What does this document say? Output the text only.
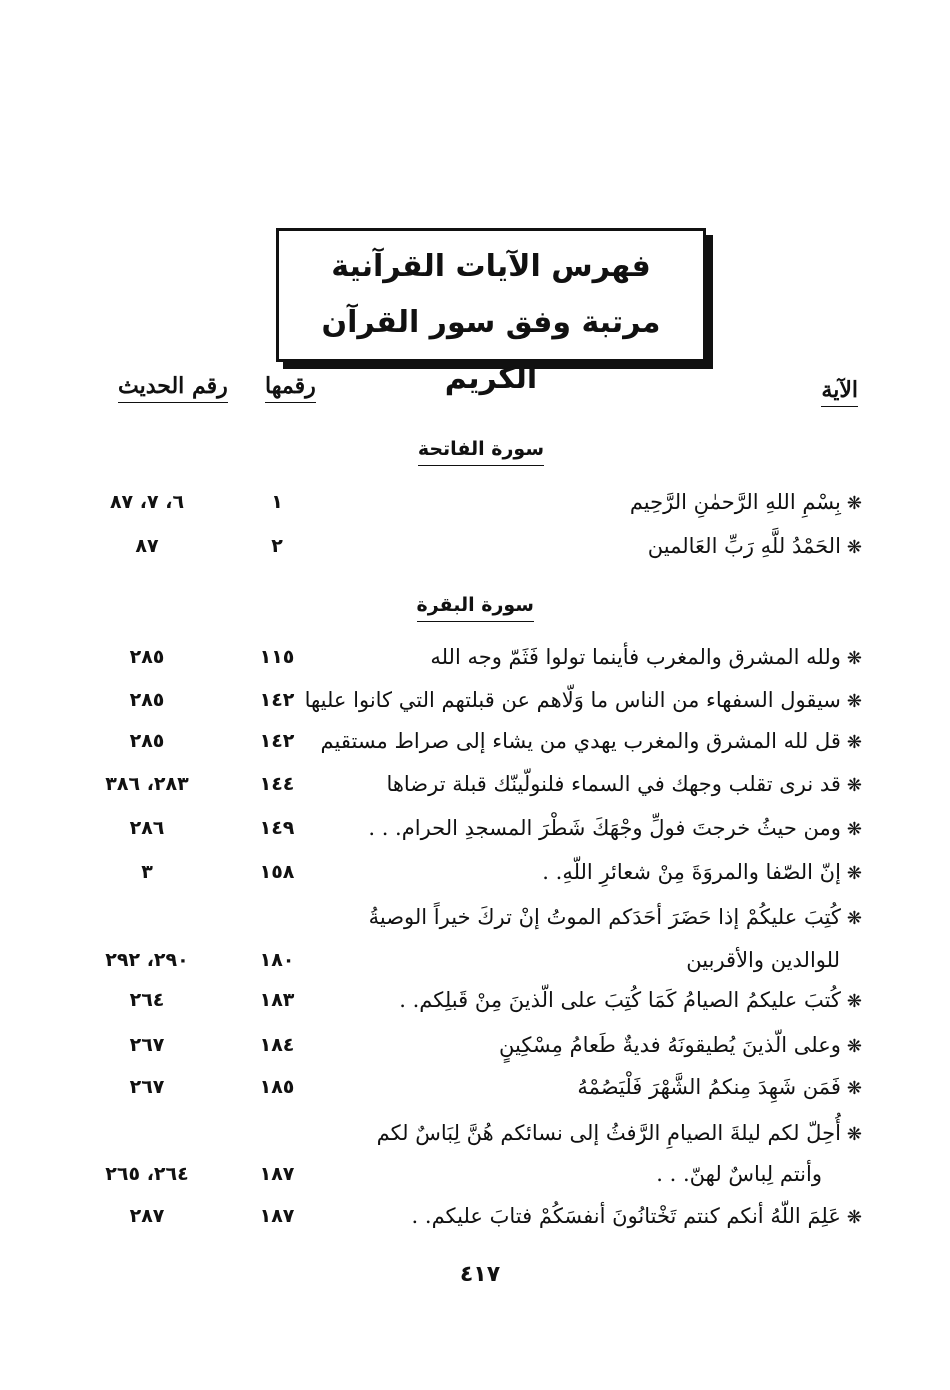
فهرس الآيات القرآنية
مرتبة وفق سور القرآن الكريم	الآية
رقمها
رقم الحديث
سورة الفاتحة
سورة البقرة
❋بِسْمِ اللهِ الرَّحمٰنِ الرَّحِيم
١
٦، ٧، ٨٧
❋الحَمْدُ للَّهِ رَبِّ العَالمين
٢
٨٧
❋ولله المشرق والمغرب فأينما تولوا فَثَمّ وجه الله
١١٥
٢٨٥
❋سيقول السفهاء من الناس ما وَلّاهم عن قبلتهم التي كانوا عليها
١٤٢
٢٨٥
❋قل لله المشرق والمغرب يهدي من يشاء إلى صراط مستقيم
١٤٢
٢٨٥
❋قد نرى تقلب وجهك في السماء فلنولّينّك قبلة ترضاها
١٤٤
٢٨٣، ٣٨٦
❋ومن حيثُ خرجتَ فولِّ وجْهَكَ شَطْرَ المسجدِ الحرام. . .
١٤٩
٢٨٦
❋إنّ الصّفا والمروَةَ مِنْ شعائرِ اللّهِ. .
١٥٨
٣
❋كُتِبَ عليكُمْ إذا حَضَرَ أحَدَكم الموتُ إنْ تركَ خيراً الوصيةُ
للوالدين والأقربين
١٨٠
٢٩٠، ٢٩٢
❋كُتبَ عليكمُ الصيامُ كَمَا كُتِبَ على الّذينَ مِنْ قَبلِكم. .
١٨٣
٢٦٤
❋وعلى الّذينَ يُطيقونَهُ فديةٌ طَعامُ مِسْكِينٍ
١٨٤
٢٦٧
❋فَمَن شَهِدَ مِنكمُ الشَّهْرَ فَلْيَصُمْهُ
١٨٥
٢٦٧
❋أُحِلّ لكم ليلةَ الصيامِ الرَّفثُ إلى نسائكم هُنَّ لِبَاسٌ لكم
وأنتم لِباسٌ لهنّ. . .
١٨٧
٢٦٤، ٢٦٥
❋عَلِمَ اللّهُ أنكم كنتم تَخْتانُونَ أنفسَكُمْ فتابَ عليكم. .
١٨٧
٢٨٧
٤١٧
